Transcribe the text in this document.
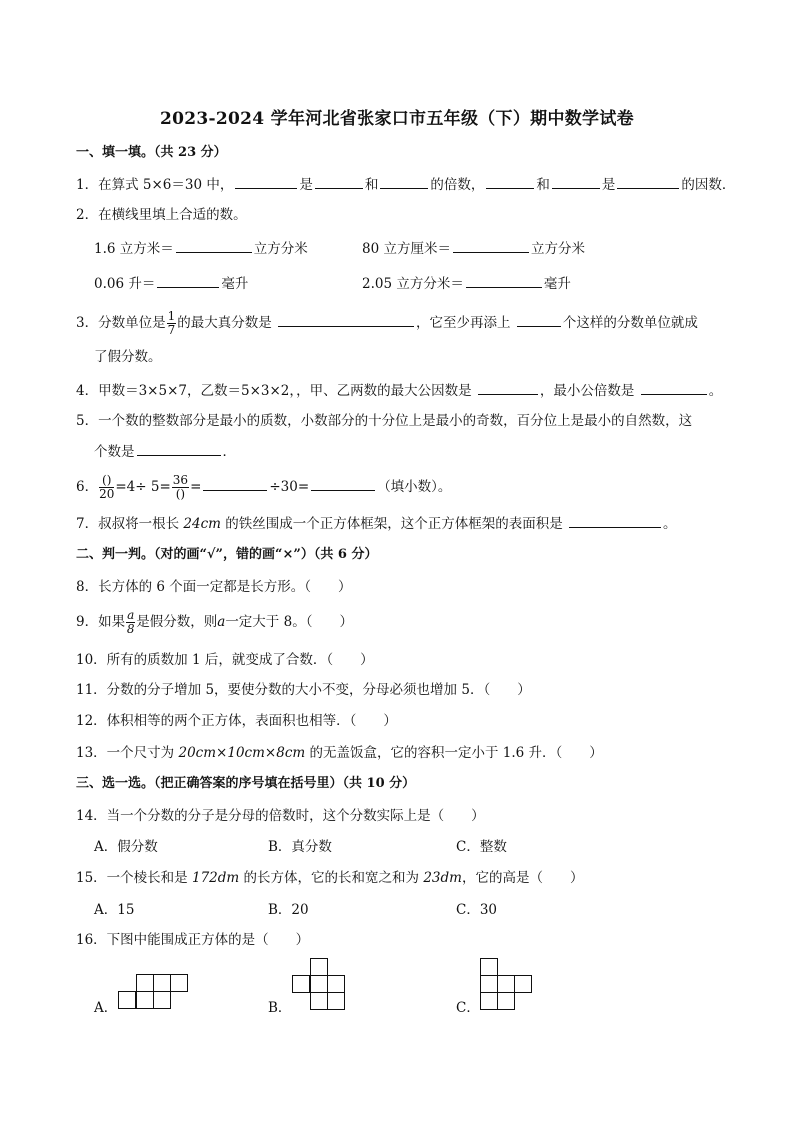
2023-2024 学年河北省张家口市五年级（下）期中数学试卷
一、填一填。（共 23 分）
1．在算式 5×6＝30 中，	是	和	的倍数，	和	是	的因数．
2．在横线里填上合适的数。
1.6 立方米＝	立方分米	80 立方厘米＝	立方分米
0.06 升＝	毫升	2.05 立方分米＝	毫升
3．分数单位是 $\frac{1}{7}$ 的最大真分数是	，它至少再添上	个这样的分数单位就成
了假分数。
4．甲数＝3×5×7，乙数＝5×3×2，，甲、乙两数的最大公因数是	，最小公倍数是	。
5．一个数的整数部分是最小的质数，小数部分的十分位上是最小的奇数，百分位上是最小的自然数，这
个数是	．
6． $\frac{()}{20} =4\div 5= \frac{36}{()}$ =	÷30=	（填小数）。
7．叔叔将一根长 24cm 的铁丝围成一个正方体框架，这个正方体框架的表面积是	。
二、判一判。（对的画“√”，错的画“×”）（共 6 分）
8．长方体的 6 个面一定都是长方形。（　　）
9．如果 $\frac{a}{8}$ 是假分数，则a一定大于 8。（　　）
10．所有的质数加 1 后，就变成了合数．（　　）
11．分数的分子增加 5，要使分数的大小不变，分母必须也增加 5．（　　）
12．体积相等的两个正方体，表面积也相等．（　　）
13．一个尺寸为 20cm×10cm×8cm 的无盖饭盒，它的容积一定小于 1.6 升．（　　）
三、选一选。（把正确答案的序号填在括号里）（共 10 分）
14．当一个分数的分子是分母的倍数时，这个分数实际上是（　　）
A．假分数	B．真分数	C．整数
15．一个棱长和是 172dm 的长方体，它的长和宽之和为 23dm，它的高是（　　）
A．15	B．20	C．30
16．下图中能围成正方体的是（　　）
A．	B．	C．
